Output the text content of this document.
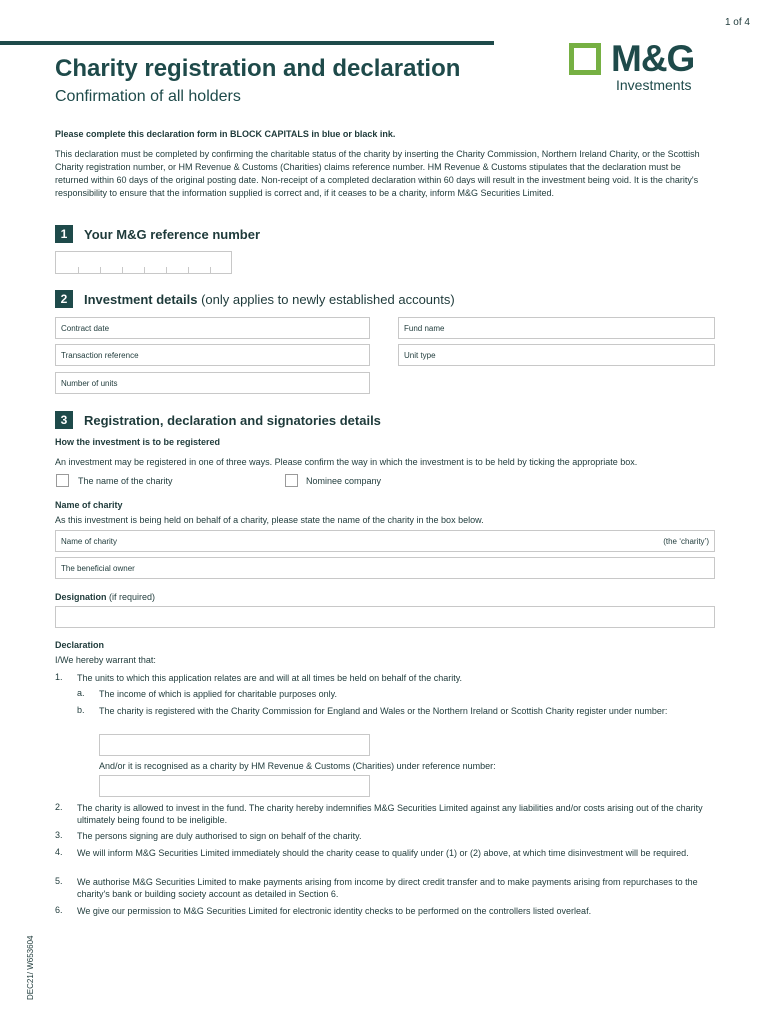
1 of 4
M&G
Investments
Charity registration and declaration
Confirmation of all holders
Please complete this declaration form in BLOCK CAPITALS in blue or black ink.
This declaration must be completed by confirming the charitable status of the charity by inserting the Charity Commission, Northern Ireland Charity, or the Scottish Charity registration number, or HM Revenue & Customs (Charities) claims reference number. HM Revenue & Customs stipulates that the declaration must be returned within 60 days of the original posting date. Non-receipt of a completed declaration within 60 days will result in the investment being void. It is the charity's responsibility to ensure that the information supplied is correct and, if it ceases to be a charity, inform M&G Securities Limited.
1	Your M&G reference number
2	Investment details (only applies to newly established accounts)
Contract date	Fund name
Transaction reference	Unit type
Number of units
3	Registration, declaration and signatories details
How the investment is to be registered
An investment may be registered in one of three ways. Please confirm the way in which the investment is to be held by ticking the appropriate box.
The name of the charity	Nominee company
Name of charity
As this investment is being held on behalf of a charity, please state the name of the charity in the box below.
Name of charity	(the ‘charity’)
The beneficial owner
Designation (if required)
Declaration
I/We hereby warrant that:
1. The units to which this application relates are and will at all times be held on behalf of the charity.
a. The income of which is applied for charitable purposes only.
b. The charity is registered with the Charity Commission for England and Wales or the Northern Ireland or Scottish Charity register under number:
And/or it is recognised as a charity by HM Revenue & Customs (Charities) under reference number:
2. The charity is allowed to invest in the fund. The charity hereby indemnifies M&G Securities Limited against any liabilities and/or costs arising out of the charity ultimately being found to be ineligible.
3. The persons signing are duly authorised to sign on behalf of the charity.
4. We will inform M&G Securities Limited immediately should the charity cease to qualify under (1) or (2) above, at which time disinvestment will be required.
5. We authorise M&G Securities Limited to make payments arising from income by direct credit transfer and to make payments arising from repurchases to the charity's bank or building society account as detailed in Section 6.
6. We give our permission to M&G Securities Limited for electronic identity checks to be performed on the controllers listed overleaf.
DEC21/ W653604
